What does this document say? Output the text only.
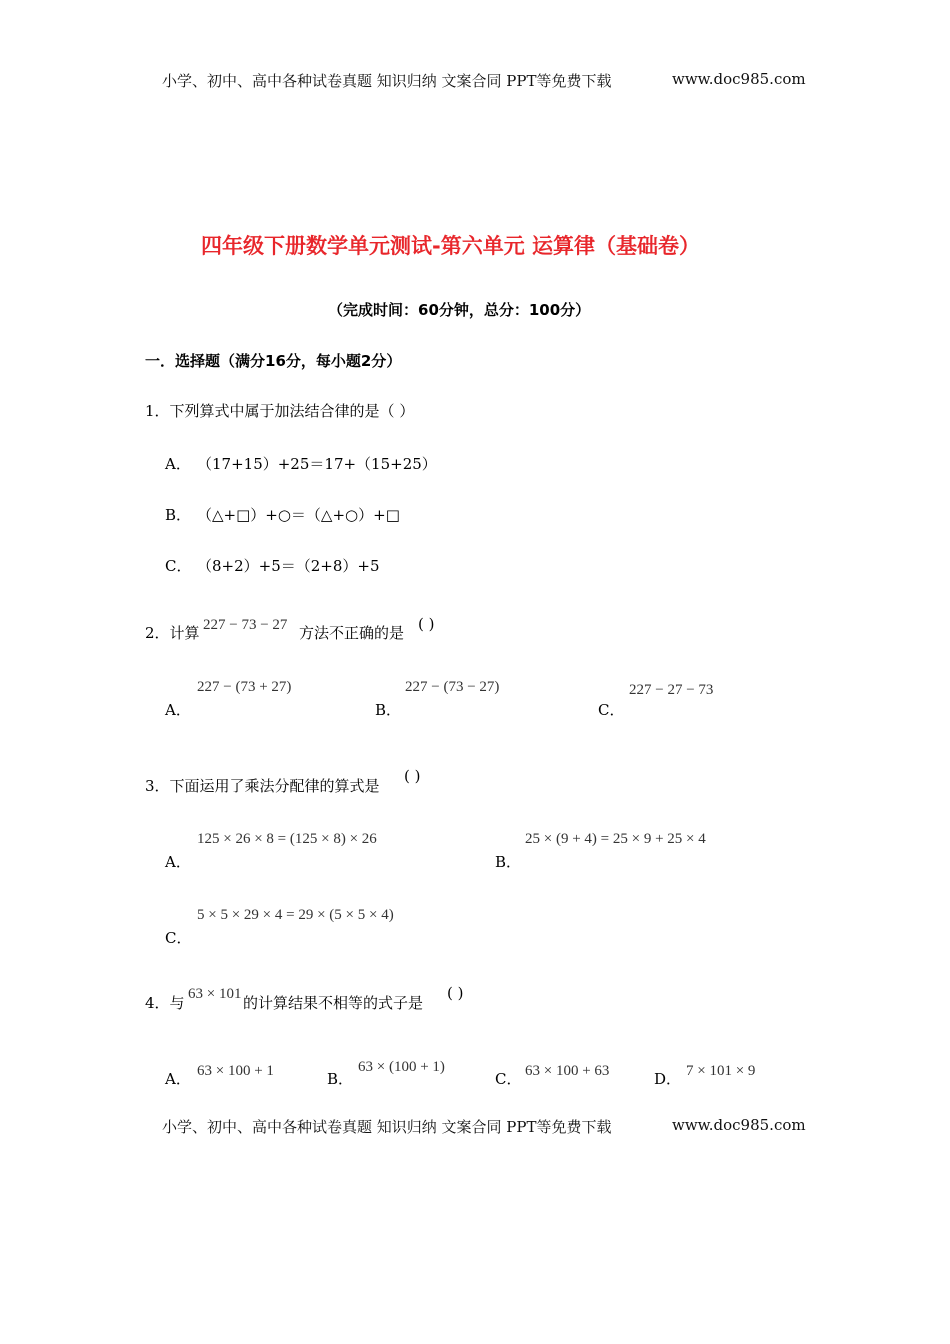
小学、初中、高中各种试卷真题 知识归纳 文案合同 PPT等免费下载	www.doc985.com
四年级下册数学单元测试-第六单元 运算律（基础卷）
（完成时间：60分钟，总分：100分）
一．选择题（满分16分，每小题2分）
1．下列算式中属于加法结合律的是（ ）
A． （17+15）+25＝17+（15+25）
B． （△+□）+○＝（△+○）+□
C． （8+2）+5＝（2+8）+5
2．计算 227 − 73 − 27 方法不正确的是 ( )
A．
227 − (73 + 27)
B．
227 − (73 − 27)
C．
227 − 27 − 73
3．下面运用了乘法分配律的算式是
( )
A．
125 × 26 × 8 = (125 × 8) × 26
B．
25 × (9 + 4) = 25 × 9 + 25 × 4
C．
5 × 5 × 29 × 4 = 29 × (5 × 5 × 4)
4．与 63 × 101 的计算结果不相等的式子是
( )
A． 63 × 100 + 1	B．
63 × (100 + 1)
C． 63 × 100 + 63	D． 7 × 101 × 9
小学、初中、高中各种试卷真题 知识归纳 文案合同 PPT等免费下载	www.doc985.com
